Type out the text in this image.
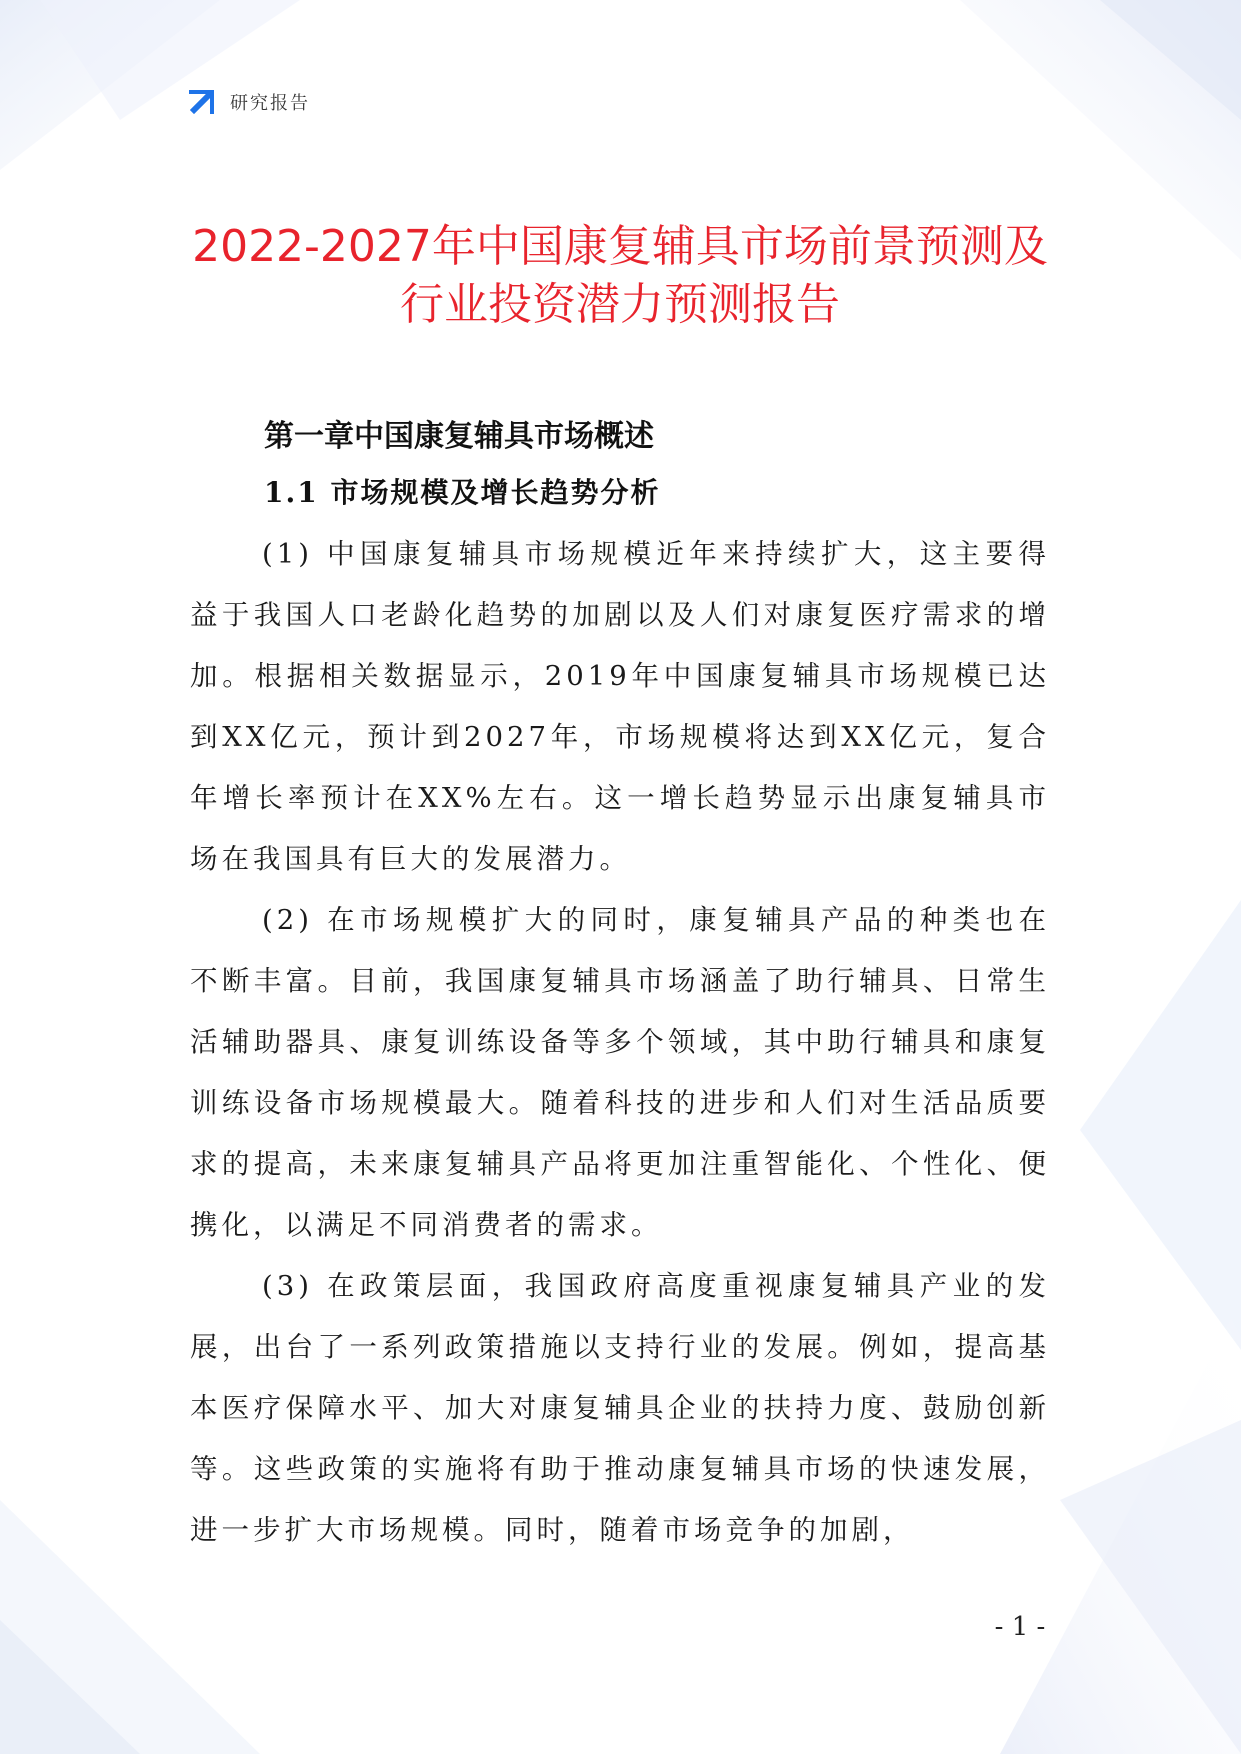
研究报告
2022-2027年中国康复辅具市场前景预测及
行业投资潜力预测报告
第一章中国康复辅具市场概述
1.1 市场规模及增长趋势分析

(1) 中国康复辅具市场规模近年来持续扩大，这主要得益于我国人口老龄化趋势的加剧以及人们对康复医疗需求的增加。根据相关数据显示，2019年中国康复辅具市场规模已达到XX亿元，预计到2027年，市场规模将达到XX亿元，复合年增长率预计在XX%左右。这一增长趋势显示出康复辅具市场在我国具有巨大的发展潜力。

(2) 在市场规模扩大的同时，康复辅具产品的种类也在不断丰富。目前，我国康复辅具市场涵盖了助行辅具、日常生活辅助器具、康复训练设备等多个领域，其中助行辅具和康复训练设备市场规模最大。随着科技的进步和人们对生活品质要求的提高，未来康复辅具产品将更加注重智能化、个性化、便携化，以满足不同消费者的需求。

(3) 在政策层面，我国政府高度重视康复辅具产业的发展，出台了一系列政策措施以支持行业的发展。例如，提高基本医疗保障水平、加大对康复辅具企业的扶持力度、鼓励创新等。这些政策的实施将有助于推动康复辅具市场的快速发展，进一步扩大市场规模。同时，随着市场竞争的加剧，

- 1 -
